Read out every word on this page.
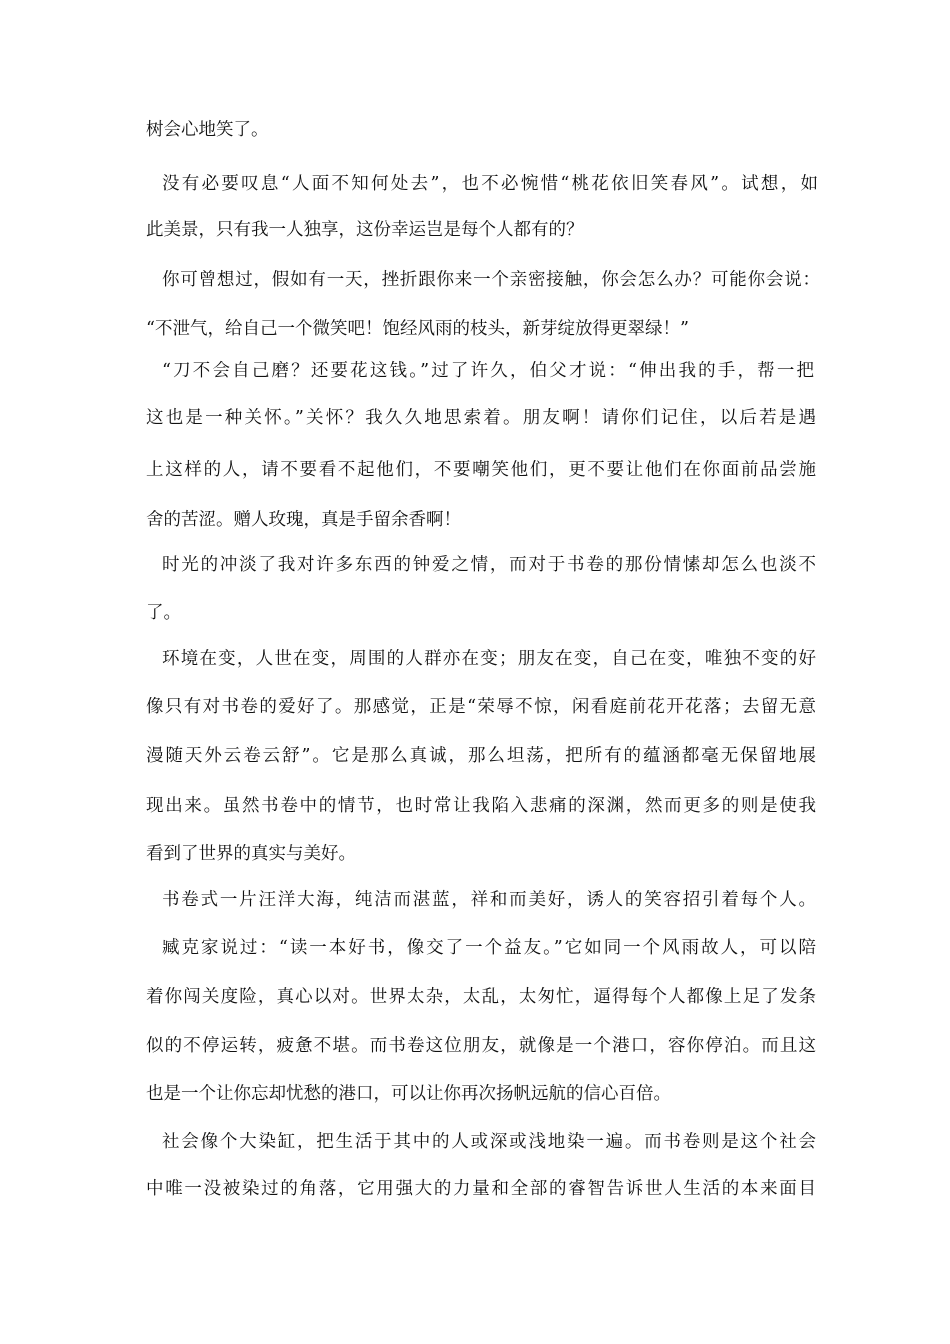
树会心地笑了。
没有必要叹息“人面不知何处去”，也不必惋惜“桃花依旧笑春风”。试想，如
此美景，只有我一人独享，这份幸运岂是每个人都有的？
你可曾想过，假如有一天，挫折跟你来一个亲密接触，你会怎么办？可能你会说：
“不泄气，给自己一个微笑吧！饱经风雨的枝头，新芽绽放得更翠绿！”
“刀不会自己磨？还要花这钱。”过了许久，伯父才说：“伸出我的手，帮一把
这也是一种关怀。”关怀？我久久地思索着。朋友啊！请你们记住，以后若是遇
上这样的人，请不要看不起他们，不要嘲笑他们，更不要让他们在你面前品尝施
舍的苦涩。赠人玫瑰，真是手留余香啊！
时光的冲淡了我对许多东西的钟爱之情，而对于书卷的那份情愫却怎么也淡不
了。
环境在变，人世在变，周围的人群亦在变；朋友在变，自己在变，唯独不变的好
像只有对书卷的爱好了。那感觉，正是“荣辱不惊，闲看庭前花开花落；去留无意
漫随天外云卷云舒”。它是那么真诚，那么坦荡，把所有的蕴涵都毫无保留地展
现出来。虽然书卷中的情节，也时常让我陷入悲痛的深渊，然而更多的则是使我
看到了世界的真实与美好。
书卷式一片汪洋大海，纯洁而湛蓝，祥和而美好，诱人的笑容招引着每个人。
臧克家说过：“读一本好书，像交了一个益友。”它如同一个风雨故人，可以陪
着你闯关度险，真心以对。世界太杂，太乱，太匆忙，逼得每个人都像上足了发条
似的不停运转，疲惫不堪。而书卷这位朋友，就像是一个港口，容你停泊。而且这
也是一个让你忘却忧愁的港口，可以让你再次扬帆远航的信心百倍。
社会像个大染缸，把生活于其中的人或深或浅地染一遍。而书卷则是这个社会
中唯一没被染过的角落，它用强大的力量和全部的睿智告诉世人生活的本来面目
